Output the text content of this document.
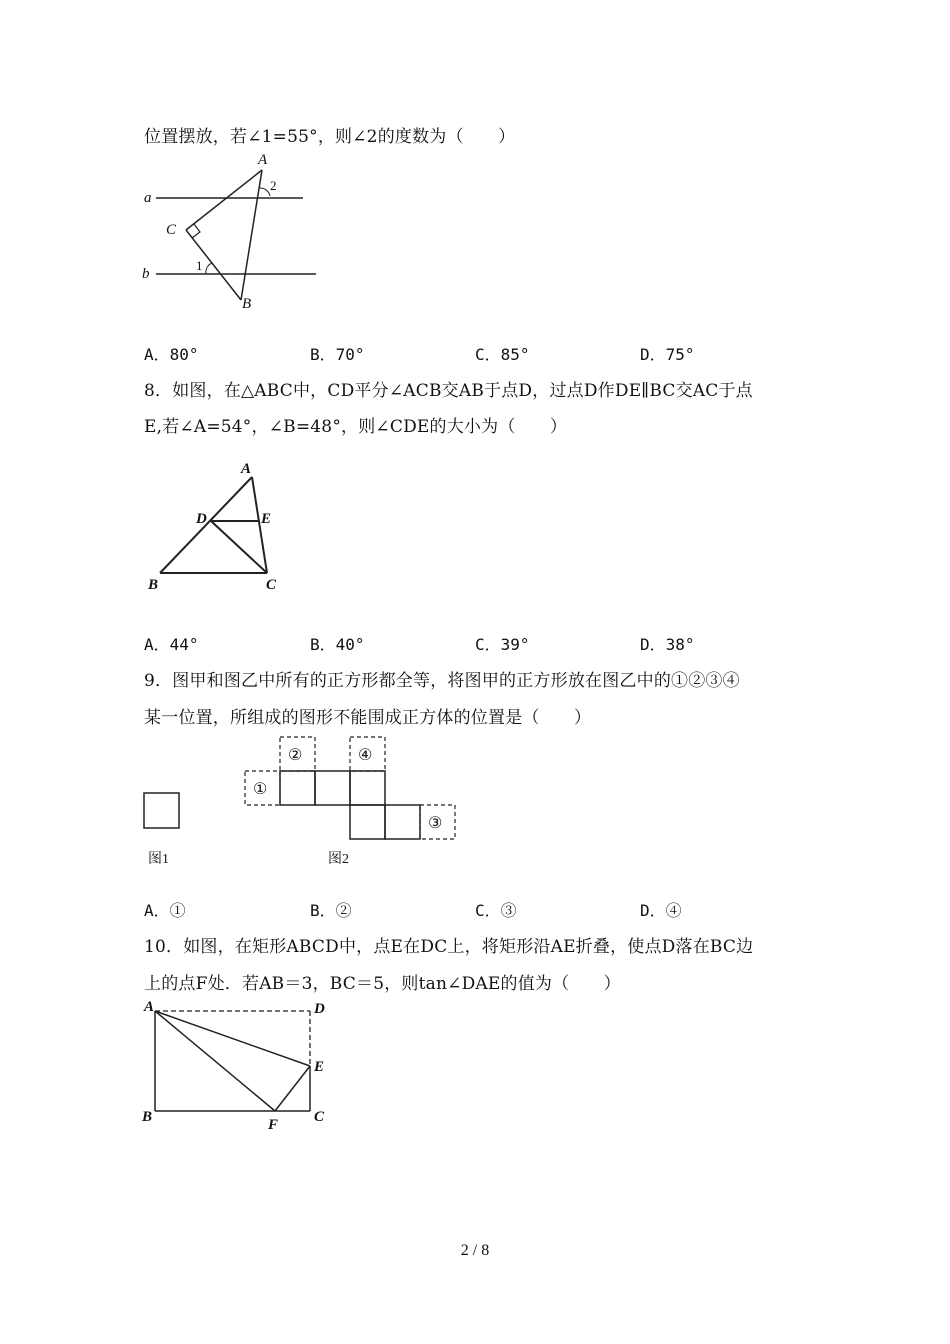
位置摆放，若∠1=55°，则∠2的度数为（　　）
a
b
A
B
C
1
2
A．80°	B．70°	C．85°	D．75°
8．如图，在△ABC中，CD平分∠ACB交AB于点D，过点D作DE∥BC交AC于点
E,若∠A=54°，∠B=48°，则∠CDE的大小为（　　）
A
B	C
D	E
A．44°	B．40°	C．39°	D．38°
9．图甲和图乙中所有的正方形都全等，将图甲的正方形放在图乙中的①②③④
某一位置，所组成的图形不能围成正方体的位置是（　　）
①
②	④
③
图1	图2
A．①	B．②	C．③	D．④
10．如图，在矩形ABCD中，点E在DC上，将矩形沿AE折叠，使点D落在BC边
上的点F处．若AB＝3，BC＝5，则tan∠DAE的值为（　　）
A	D
E
B	C
F
2 / 8
